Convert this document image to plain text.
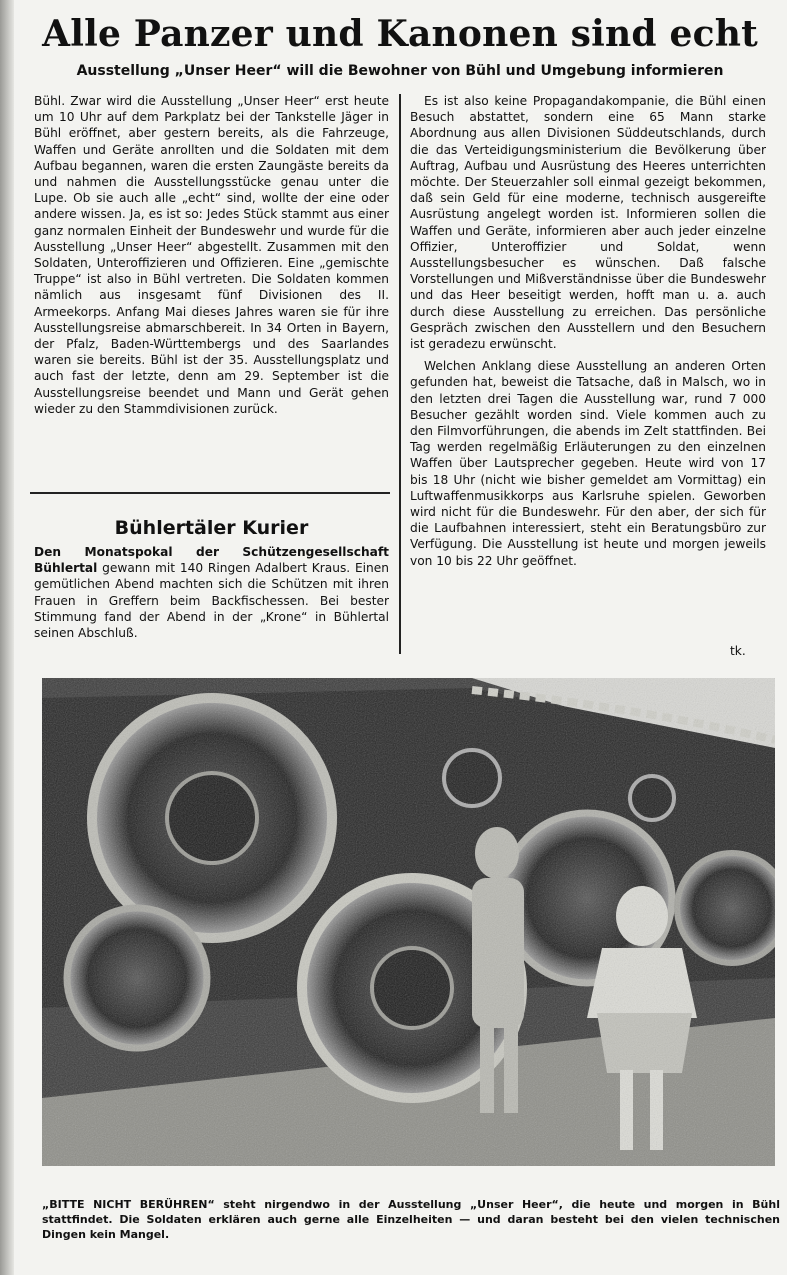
Alle Panzer und Kanonen sind echt
Ausstellung „Unser Heer“ will die Bewohner von Bühl und Umgebung informieren

Bühl. Zwar wird die Ausstellung „Unser Heer“ erst heute um 10 Uhr auf dem Parkplatz bei der Tankstelle Jäger in Bühl eröffnet, aber gestern bereits, als die Fahrzeuge, Waffen und Geräte anrollten und die Soldaten mit dem Aufbau begannen, waren die ersten Zaungäste bereits da und nahmen die Ausstellungsstücke genau unter die Lupe. Ob sie auch alle „echt“ sind, wollte der eine oder andere wissen. Ja, es ist so: Jedes Stück stammt aus einer ganz normalen Einheit der Bundeswehr und wurde für die Ausstellung „Unser Heer“ abgestellt. Zusammen mit den Soldaten, Unteroffizieren und Offizieren. Eine „gemischte Truppe“ ist also in Bühl vertreten. Die Soldaten kommen nämlich aus insgesamt fünf Divisionen des II. Armeekorps. Anfang Mai dieses Jahres waren sie für ihre Ausstellungsreise abmarschbereit. In 34 Orten in Bayern, der Pfalz, Baden-Württembergs und des Saarlandes waren sie bereits. Bühl ist der 35. Ausstellungsplatz und auch fast der letzte, denn am 29. September ist die Ausstellungsreise beendet und Mann und Gerät gehen wieder zu den Stammdivisionen zurück.

Es ist also keine Propagandakompanie, die Bühl einen Besuch abstattet, sondern eine 65 Mann starke Abordnung aus allen Divisionen Süddeutschlands, durch die das Verteidigungsministerium die Bevölkerung über Auftrag, Aufbau und Ausrüstung des Heeres unterrichten möchte. Der Steuerzahler soll einmal gezeigt bekommen, daß sein Geld für eine moderne, technisch ausgereifte Ausrüstung angelegt worden ist. Informieren sollen die Waffen und Geräte, informieren aber auch jeder einzelne Offizier, Unteroffizier und Soldat, wenn Ausstellungsbesucher es wünschen. Daß falsche Vorstellungen und Mißverständnisse über die Bundeswehr und das Heer beseitigt werden, hofft man u. a. auch durch diese Ausstellung zu erreichen. Das persönliche Gespräch zwischen den Ausstellern und den Besuchern ist geradezu erwünscht.

Welchen Anklang diese Ausstellung an anderen Orten gefunden hat, beweist die Tatsache, daß in Malsch, wo in den letzten drei Tagen die Ausstellung war, rund 7 000 Besucher gezählt worden sind. Viele kommen auch zu den Filmvorführungen, die abends im Zelt stattfinden. Bei Tag werden regelmäßig Erläuterungen zu den einzelnen Waffen über Lautsprecher gegeben. Heute wird von 17 bis 18 Uhr (nicht wie bisher gemeldet am Vormittag) ein Luftwaffenmusikkorps aus Karlsruhe spielen. Geworben wird nicht für die Bundeswehr. Für den aber, der sich für die Laufbahnen interessiert, steht ein Beratungsbüro zur Verfügung. Die Ausstellung ist heute und morgen jeweils von 10 bis 22 Uhr geöffnet.

tk.
Bühlertäler Kurier

Den Monatspokal der Schützengesellschaft Bühlertal gewann mit 140 Ringen Adalbert Kraus. Einen gemütlichen Abend machten sich die Schützen mit ihren Frauen in Greffern beim Backfischessen. Bei bester Stimmung fand der Abend in der „Krone“ in Bühlertal seinen Abschluß.

„BITTE NICHT BERÜHREN“ steht nirgendwo in der Ausstellung „Unser Heer“, die heute und morgen in Bühl stattfindet. Die Soldaten erklären auch gerne alle Einzelheiten — und daran besteht bei den vielen technischen Dingen kein Mangel.
